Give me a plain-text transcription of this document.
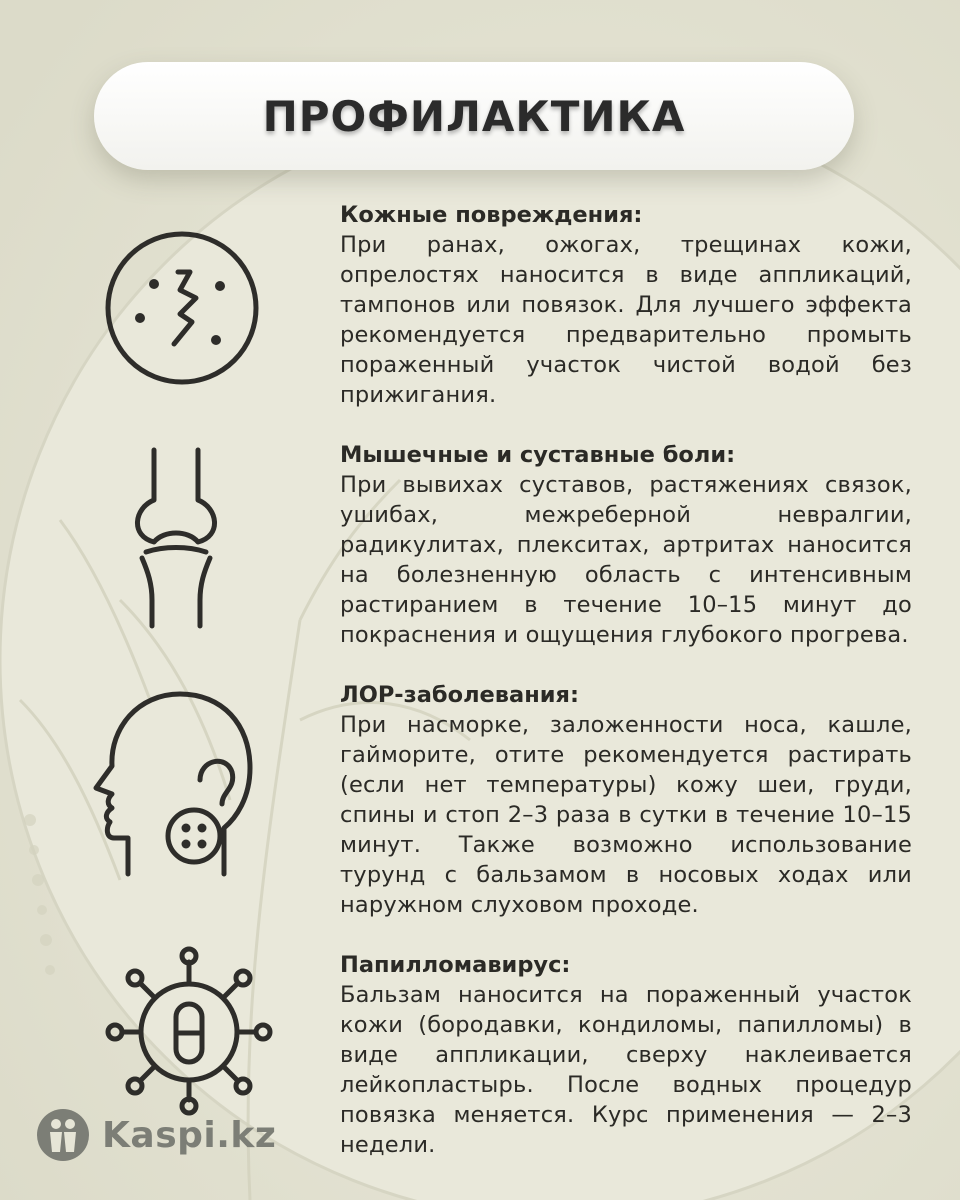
ПРОФИЛАКТИКА
Кожные повреждения:

При ранах, ожогах, трещинах кожи, опрелостях наносится в виде аппликаций, тампонов или повязок. Для лучшего эффекта рекомендуется предварительно промыть пораженный участок чистой водой без прижигания.

Мышечные и суставные боли:

При вывихах суставов, растяжениях связок, ушибах, межреберной невралгии, радикулитах, плекситах, артритах наносится на болезненную область с интенсивным растиранием в течение 10–15 минут до покраснения и ощущения глубокого прогрева.

ЛОР-заболевания:

При насморке, заложенности носа, кашле, гайморите, отите рекомендуется растирать (если нет температуры) кожу шеи, груди, спины и стоп 2–3 раза в сутки в течение 10–15 минут. Также возможно использование турунд с бальзамом в носовых ходах или наружном слуховом проходе.

Папилломавирус:

Бальзам наносится на пораженный участок кожи (бородавки, кондиломы, папилломы) в виде аппликации, сверху наклеивается лейкопластырь. После водных процедур повязка меняется. Курс применения — 2–3 недели.

Kaspi.kz
